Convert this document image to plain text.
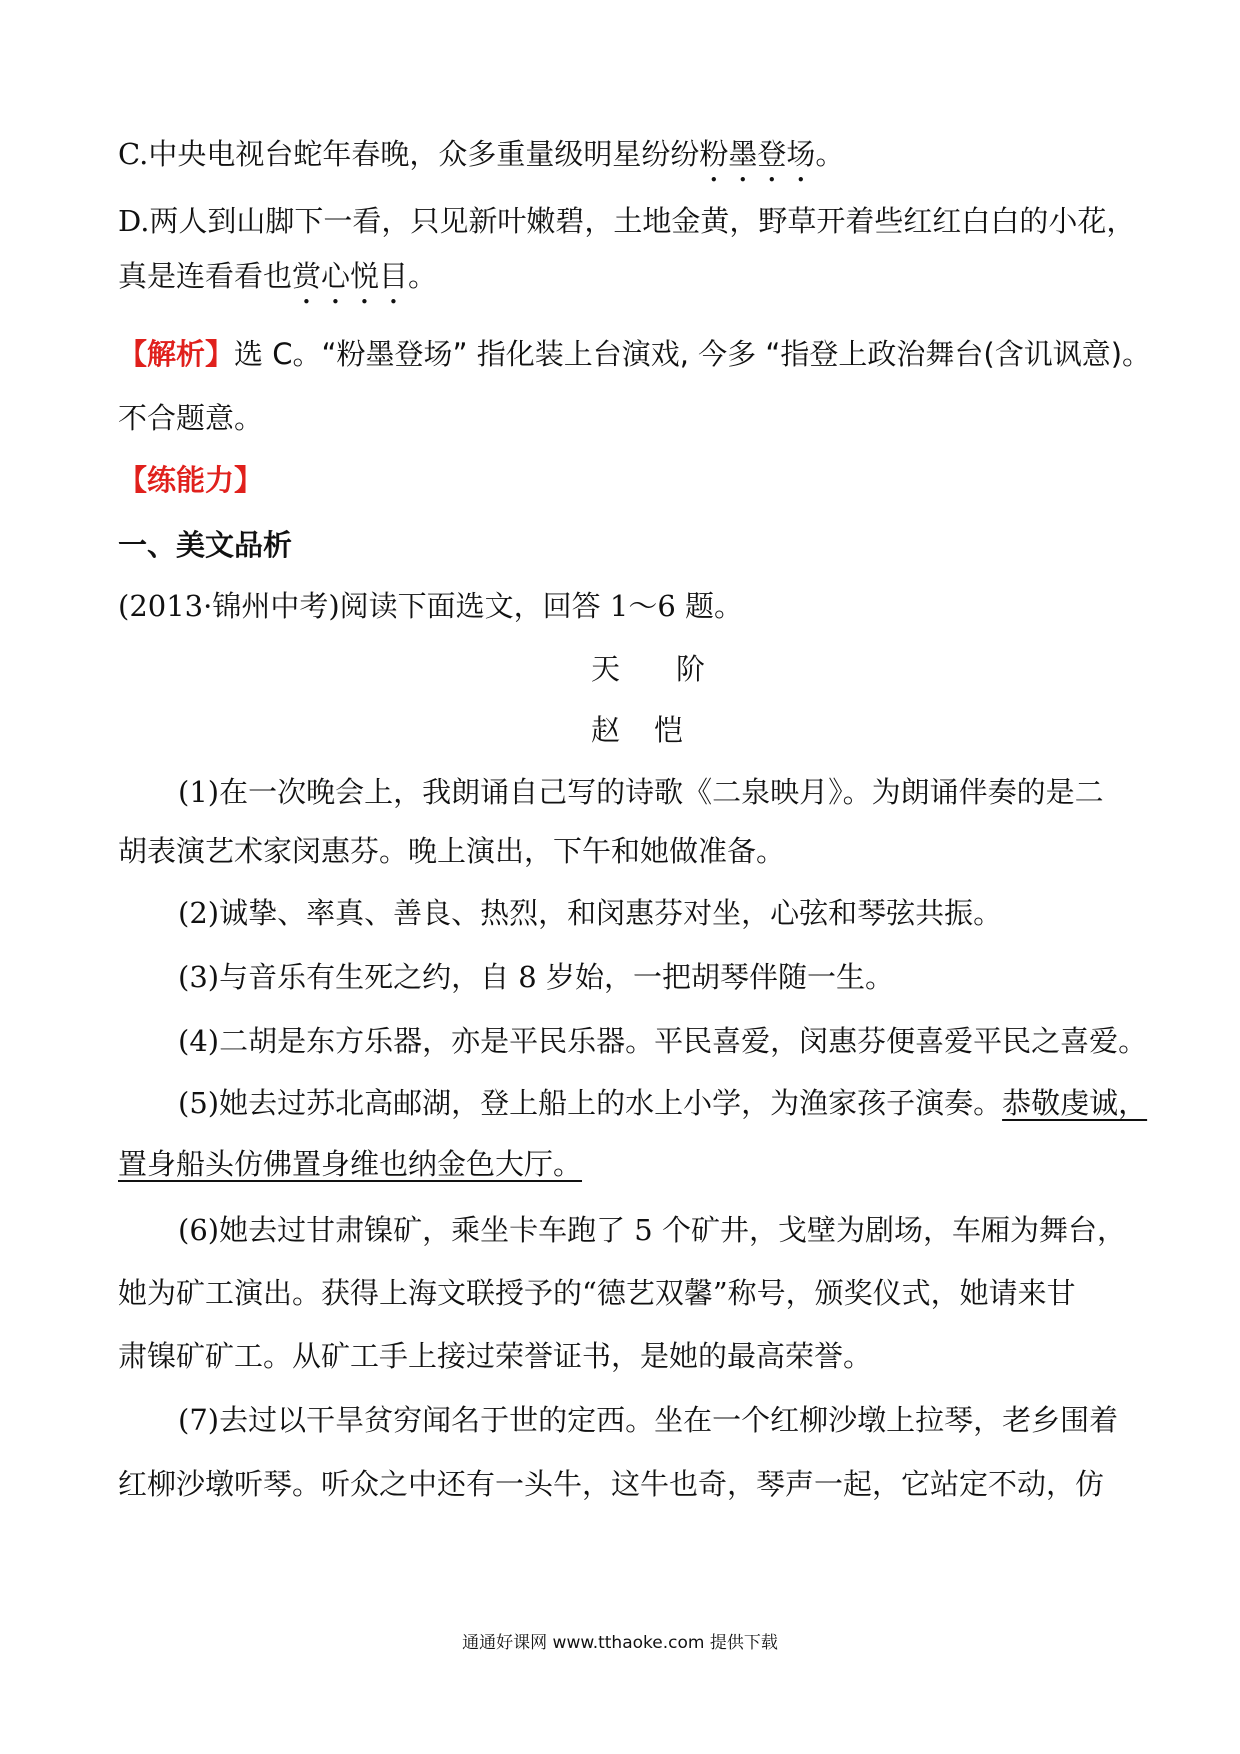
C.中央电视台蛇年春晚，众多重量级明星纷纷粉墨登场。
D.两人到山脚下一看，只见新叶嫩碧，土地金黄，野草开着些红红白白的小花，
真是连看看也赏心悦目。
【解析】选 C。“粉墨登场” 指化装上台演戏, 今多 “指登上政治舞台(含讥讽意)。
不合题意。
【练能力】
一、美文品析
(2013·锦州中考)阅读下面选文，回答 1～6 题。
天阶
赵恺
(1)在一次晚会上，我朗诵自己写的诗歌《二泉映月》。为朗诵伴奏的是二
胡表演艺术家闵惠芬。晚上演出，下午和她做准备。
(2)诚挚、率真、善良、热烈，和闵惠芬对坐，心弦和琴弦共振。
(3)与音乐有生死之约，自 8 岁始，一把胡琴伴随一生。
(4)二胡是东方乐器，亦是平民乐器。平民喜爱，闵惠芬便喜爱平民之喜爱。
(5)她去过苏北高邮湖，登上船上的水上小学，为渔家孩子演奏。恭敬虔诚，
置身船头仿佛置身维也纳金色大厅。
(6)她去过甘肃镍矿，乘坐卡车跑了 5 个矿井，戈壁为剧场，车厢为舞台，
她为矿工演出。获得上海文联授予的“德艺双馨”称号，颁奖仪式，她请来甘
肃镍矿矿工。从矿工手上接过荣誉证书，是她的最高荣誉。
(7)去过以干旱贫穷闻名于世的定西。坐在一个红柳沙墩上拉琴，老乡围着
红柳沙墩听琴。听众之中还有一头牛，这牛也奇，琴声一起，它站定不动，仿
通通好课网 www.tthaoke.com 提供下载
